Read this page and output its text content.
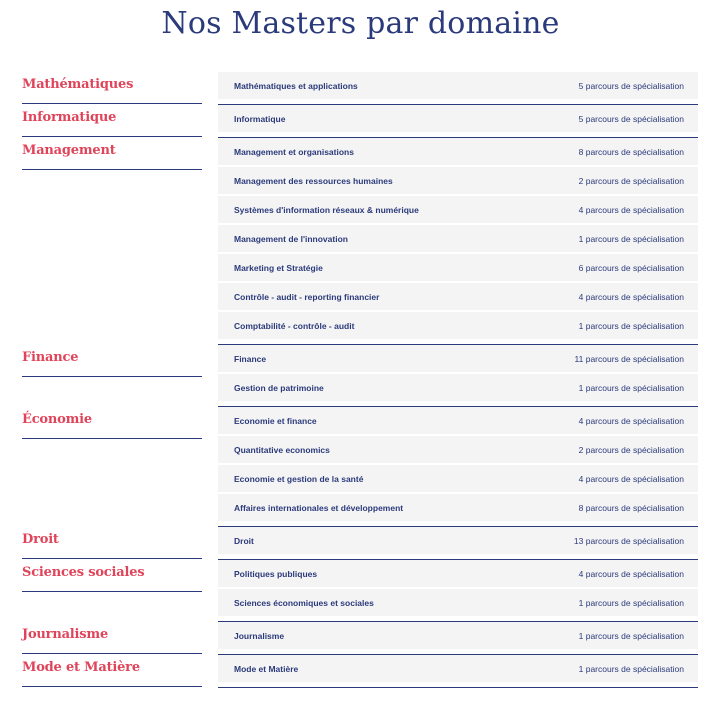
Nos Masters par domaine
Mathématiques	Mathématiques et applications	5 parcours de spécialisation
Informatique	Informatique	5 parcours de spécialisation
Management	Management et organisations	8 parcours de spécialisation
Management des ressources humaines	2 parcours de spécialisation
Systèmes d'information réseaux & numérique	4 parcours de spécialisation
Management de l'innovation	1 parcours de spécialisation
Marketing et Stratégie	6 parcours de spécialisation
Contrôle - audit - reporting financier	4 parcours de spécialisation
Comptabilité - contrôle - audit	1 parcours de spécialisation
Finance	Finance	11 parcours de spécialisation
Gestion de patrimoine	1 parcours de spécialisation
Économie	Economie et finance	4 parcours de spécialisation
Quantitative economics	2 parcours de spécialisation
Economie et gestion de la santé	4 parcours de spécialisation
Affaires internationales et développement	8 parcours de spécialisation
Droit	Droit	13 parcours de spécialisation
Sciences sociales	Politiques publiques	4 parcours de spécialisation
Sciences économiques et sociales	1 parcours de spécialisation
Journalisme	Journalisme	1 parcours de spécialisation
Mode et Matière	Mode et Matière	1 parcours de spécialisation
